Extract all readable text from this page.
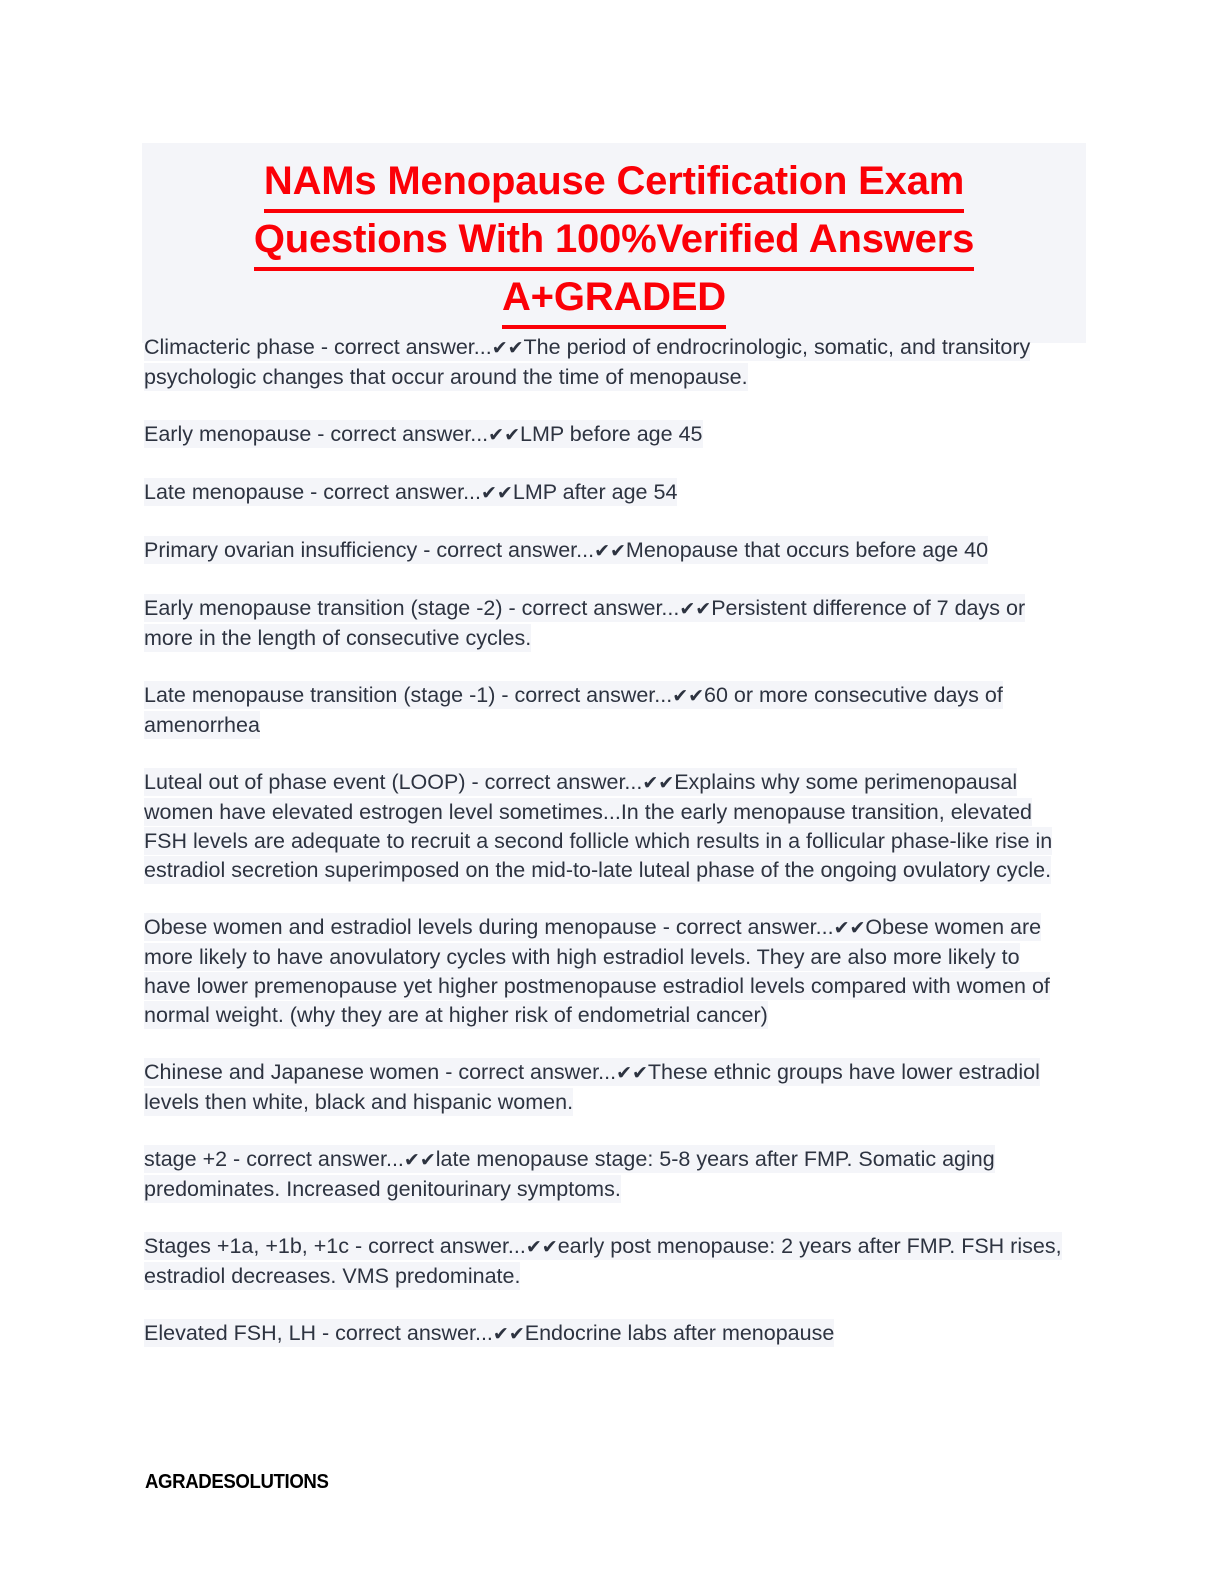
NAMs Menopause Certification Exam
Questions With 100%Verified Answers
A+GRADED

Climacteric phase - correct answer...✔✔The period of endrocrinologic, somatic, and transitory psychologic changes that occur around the time of menopause.

Early menopause - correct answer...✔✔LMP before age 45

Late menopause - correct answer...✔✔LMP after age 54

Primary ovarian insufficiency - correct answer...✔✔Menopause that occurs before age 40

Early menopause transition (stage -2) - correct answer...✔✔Persistent difference of 7 days or more in the length of consecutive cycles.

Late menopause transition (stage -1) - correct answer...✔✔60 or more consecutive days of amenorrhea

Luteal out of phase event (LOOP) - correct answer...✔✔Explains why some perimenopausal women have elevated estrogen level sometimes...In the early menopause transition, elevated FSH levels are adequate to recruit a second follicle which results in a follicular phase-like rise in estradiol secretion superimposed on the mid-to-late luteal phase of the ongoing ovulatory cycle.

Obese women and estradiol levels during menopause - correct answer...✔✔Obese women are more likely to have anovulatory cycles with high estradiol levels. They are also more likely to have lower premenopause yet higher postmenopause estradiol levels compared with women of normal weight. (why they are at higher risk of endometrial cancer)

Chinese and Japanese women - correct answer...✔✔These ethnic groups have lower estradiol levels then white, black and hispanic women.

stage +2 - correct answer...✔✔late menopause stage: 5-8 years after FMP. Somatic aging predominates. Increased genitourinary symptoms.

Stages +1a, +1b, +1c - correct answer...✔✔early post menopause: 2 years after FMP. FSH rises, estradiol decreases. VMS predominate.

Elevated FSH, LH - correct answer...✔✔Endocrine labs after menopause

AGRADESOLUTIONS
